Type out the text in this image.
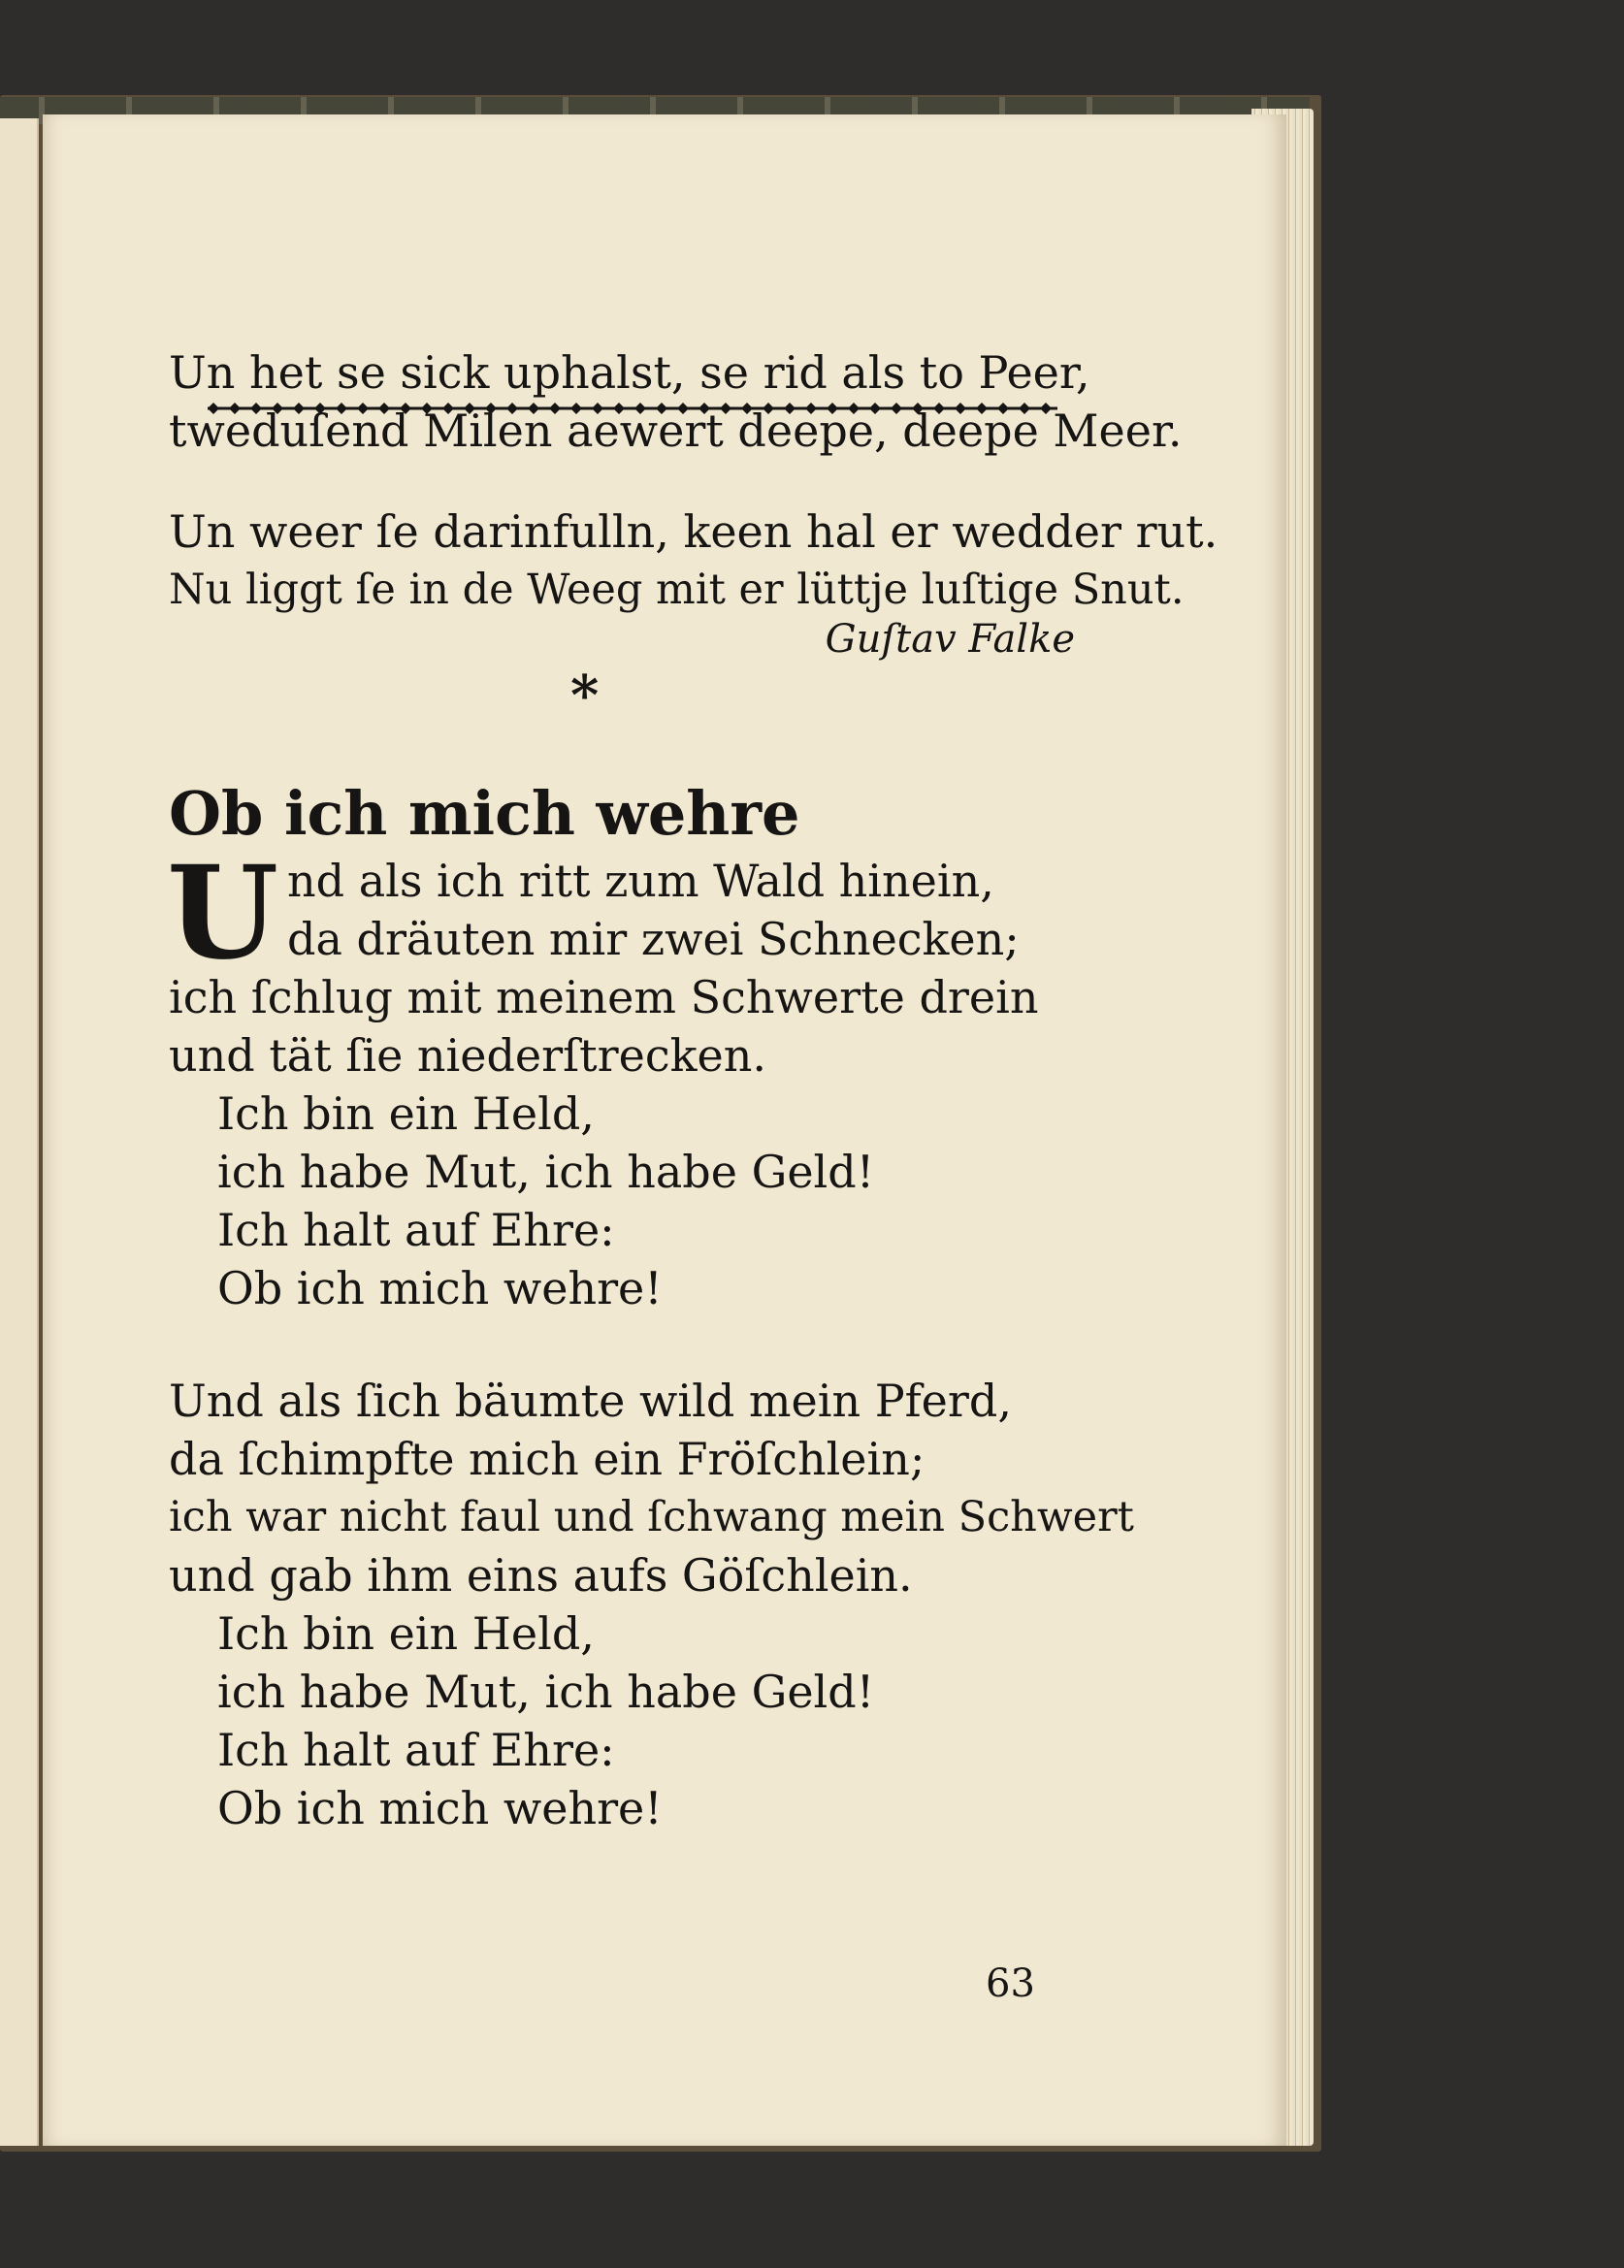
Un het se sick uphalst, se rid als to Peer,
tweduſend Milen aewert deepe, deepe Meer.
Un weer ſe darinfulln, keen hal er wedder rut.
Nu liggt ſe in de Weeg mit er lüttje luſtige Snut.
Guſtav Falke
*
Ob ich mich wehre
U nd als ich ritt zum Wald hinein,
da dräuten mir zwei Schnecken;
ich ſchlug mit meinem Schwerte drein
und tät ſie niederſtrecken.
Ich bin ein Held,
ich habe Mut, ich habe Geld!
Ich halt auf Ehre:
Ob ich mich wehre!
Und als ſich bäumte wild mein Pferd,
da ſchimpfte mich ein Fröſchlein;
ich war nicht faul und ſchwang mein Schwert
und gab ihm eins aufs Göſchlein.
Ich bin ein Held,
ich habe Mut, ich habe Geld!
Ich halt auf Ehre:
Ob ich mich wehre!
63
